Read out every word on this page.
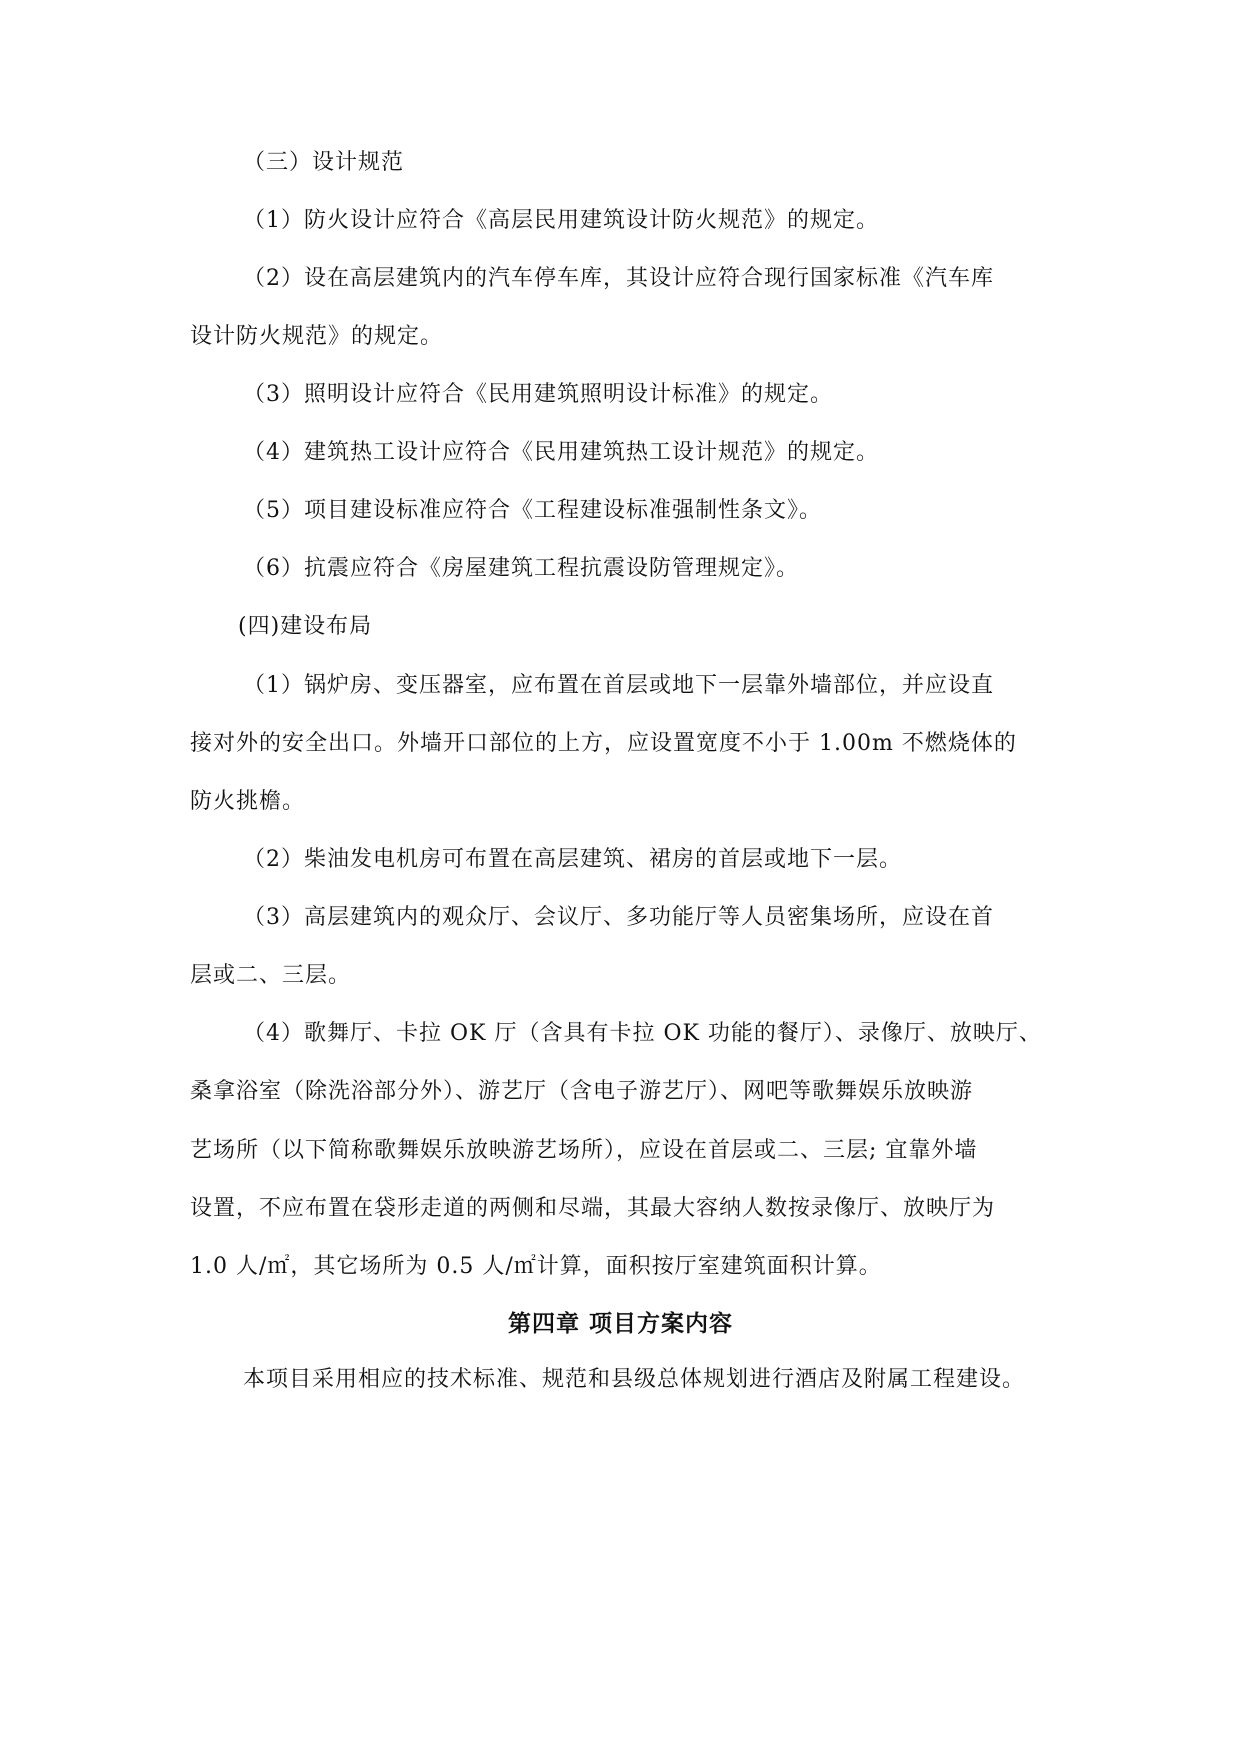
（三）设计规范
（1）防火设计应符合《高层民用建筑设计防火规范》的规定。
（2）设在高层建筑内的汽车停车库，其设计应符合现行国家标准《汽车库
设计防火规范》的规定。
（3）照明设计应符合《民用建筑照明设计标准》的规定。
（4）建筑热工设计应符合《民用建筑热工设计规范》的规定。
（5）项目建设标准应符合《工程建设标准强制性条文》。
（6）抗震应符合《房屋建筑工程抗震设防管理规定》。
(四)建设布局
（1）锅炉房、变压器室，应布置在首层或地下一层靠外墙部位，并应设直
接对外的安全出口。外墙开口部位的上方，应设置宽度不小于 1.00m 不燃烧体的
防火挑檐。
（2）柴油发电机房可布置在高层建筑、裙房的首层或地下一层。
（3）高层建筑内的观众厅、会议厅、多功能厅等人员密集场所，应设在首
层或二、三层。
（4）歌舞厅、卡拉 OK 厅（含具有卡拉 OK 功能的餐厅）、录像厅、放映厅、
桑拿浴室（除洗浴部分外）、游艺厅（含电子游艺厅）、网吧等歌舞娱乐放映游
艺场所（以下简称歌舞娱乐放映游艺场所），应设在首层或二、三层; 宜靠外墙
设置，不应布置在袋形走道的两侧和尽端，其最大容纳人数按录像厅、放映厅为
1.0 人/㎡，其它场所为 0.5 人/㎡计算，面积按厅室建筑面积计算。
第四章 项目方案内容
本项目采用相应的技术标准、规范和县级总体规划进行酒店及附属工程建设。
